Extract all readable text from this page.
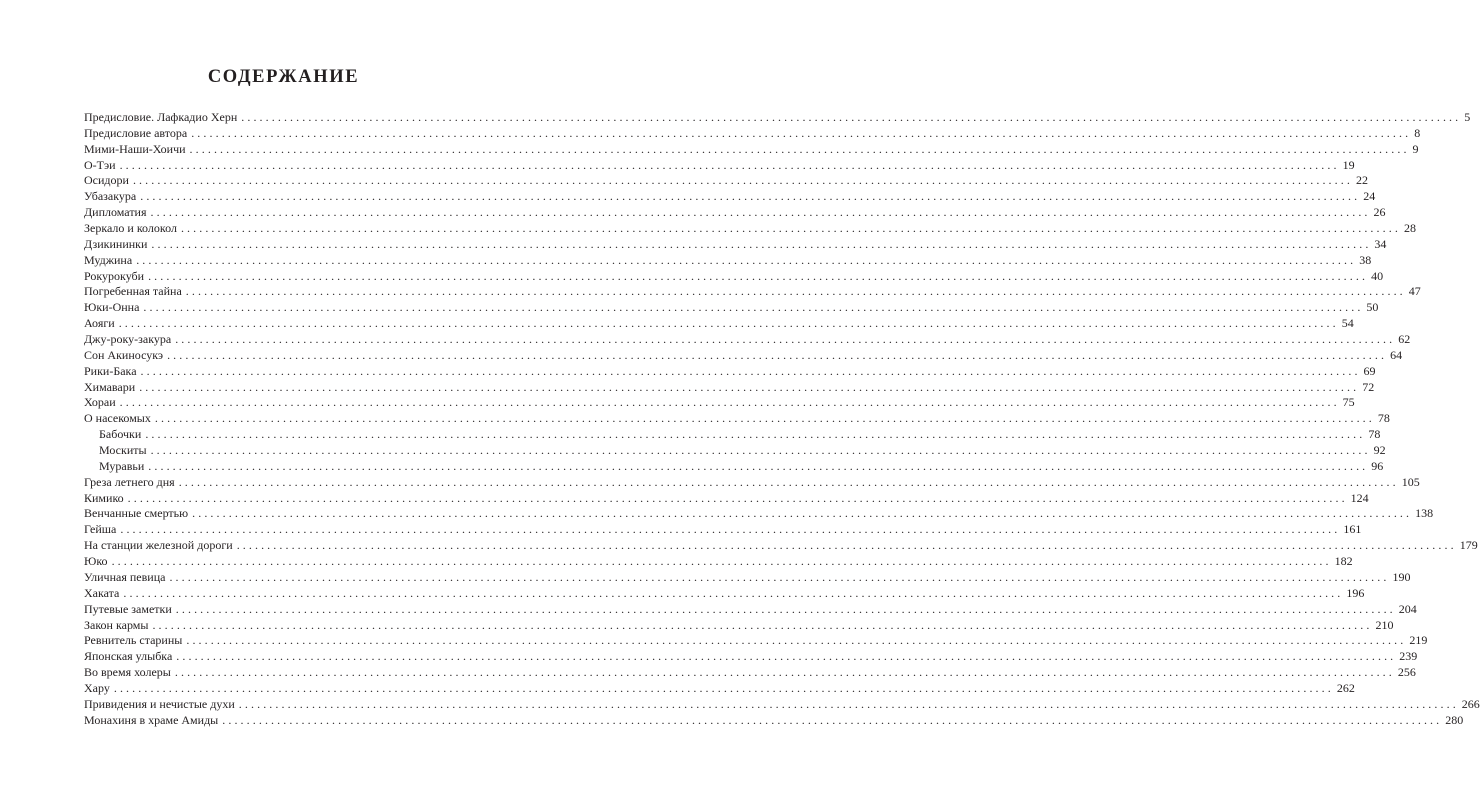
СОДЕРЖАНИЕ
Предисловие. Лафкадио Херн ........................................................................................................................................................................................................ 5
Предисловие автора ........................................................................................................................................................................................................ 8
Мими-Наши-Хоичи ........................................................................................................................................................................................................ 9
О-Тэи ........................................................................................................................................................................................................ 19
Осидори ........................................................................................................................................................................................................ 22
Убазакура ........................................................................................................................................................................................................ 24
Дипломатия ........................................................................................................................................................................................................ 26
Зеркало и колокол ........................................................................................................................................................................................................ 28
Дзикининки ........................................................................................................................................................................................................ 34
Муджина ........................................................................................................................................................................................................ 38
Рокурокуби ........................................................................................................................................................................................................ 40
Погребенная тайна ........................................................................................................................................................................................................ 47
Юки-Онна ........................................................................................................................................................................................................ 50
Аояги ........................................................................................................................................................................................................ 54
Джу-року-закура ........................................................................................................................................................................................................ 62
Сон Акиносукэ ........................................................................................................................................................................................................ 64
Рики-Бака ........................................................................................................................................................................................................ 69
Химавари ........................................................................................................................................................................................................ 72
Хораи ........................................................................................................................................................................................................ 75
О насекомых ........................................................................................................................................................................................................ 78
Бабочки ........................................................................................................................................................................................................ 78
Москиты ........................................................................................................................................................................................................ 92
Муравьи ........................................................................................................................................................................................................ 96
Греза летнего дня ........................................................................................................................................................................................................ 105
Кимико ........................................................................................................................................................................................................ 124
Венчанные смертью ........................................................................................................................................................................................................ 138
Гейша ........................................................................................................................................................................................................ 161
На станции железной дороги ........................................................................................................................................................................................................ 179
Юко ........................................................................................................................................................................................................ 182
Уличная певица ........................................................................................................................................................................................................ 190
Хаката ........................................................................................................................................................................................................ 196
Путевые заметки ........................................................................................................................................................................................................ 204
Закон кармы ........................................................................................................................................................................................................ 210
Ревнитель старины ........................................................................................................................................................................................................ 219
Японская улыбка ........................................................................................................................................................................................................ 239
Во время холеры ........................................................................................................................................................................................................ 256
Хару ........................................................................................................................................................................................................ 262
Привидения и нечистые духи ........................................................................................................................................................................................................ 266
Монахиня в храме Амиды ........................................................................................................................................................................................................ 280
